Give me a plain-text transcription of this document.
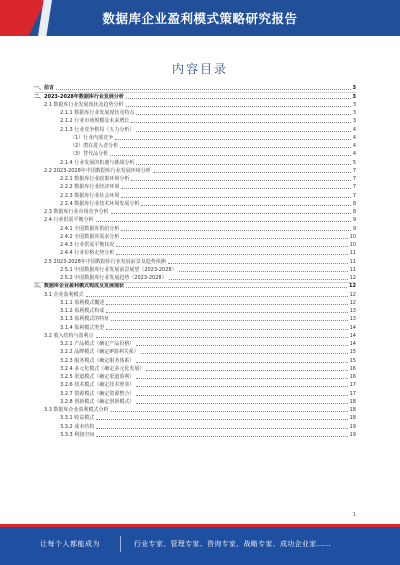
数据库企业盈利模式策略研究报告
内容目录
一、前言	3
二、2023-2028年数据库行业发展分析	3
2.1 数据库行业发展现状及趋势分析	3
2.1.1 数据库行业发展现状及特点	3
2.1.2 行业市场规模及未来增长	3
2.1.3 行业竞争格局（五力分析）	4
（1）行业内部竞争	4
（2）潜在进入者分析	4
（3）替代品分析	4
2.1.4 行业发展的机遇与挑战分析	5
2.2 2023-2028年中国数据库行业发展环境分析	7
2.2.1 数据库行业政策环境分析	7
2.2.2 数据库行业经济环境	7
2.2.3 数据库行业社会环境	7
2.2.4 数据库行业技术环境发展分析	8
2.3 数据库行业市场竞争分析	8
2.4 行业供需平衡分析	9
2.4.1 全国数据库供给分析	9
2.4.2 全国数据库需求分析	10
2.4.3 行业供需平衡状况	10
2.4.4 行业价格走势分析	11
2.5 2023-2028年中国数据库行业发展前景及趋势预测	11
2.5.1 中国数据库行业发展前景展望（2023-2028）	11
2.5.2 中国数据库行业发展趋势（2023-2028）	12
三、数据库企业盈利模式构成及发展现状	12
3.1 企业盈利模式	12
3.1.1 盈利模式概述	12
3.1.2 盈利模式构成	13
3.1.3 盈利模式的特征	13
3.1.4 盈利模式类型	14
3.2 收入结构与盈利点	14
3.2.1 产品模式（确定产品价格）	14
3.2.2 品牌模式（确定IP盈利关系）	15
3.2.3 服务模式（确定服务体系）	15
3.2.4 多元化模式（确定多元化发展）	16
3.2.5 渠道模式（确定渠道盈利）	16
3.2.6 技术模式（确定技术壁垒）	17
3.2.7 资源模式（确定资源整合）	17
3.2.8 创新模式（确定创新模式）	18
3.3 数据库企业盈利模式分析	18
3.3.1 收益模式	18
3.3.2 成本结构	19
3.3.3 利润空间	19
1
让每个人都能成为	行业专家、管理专家、咨询专家、战略专家、成功企业家……
